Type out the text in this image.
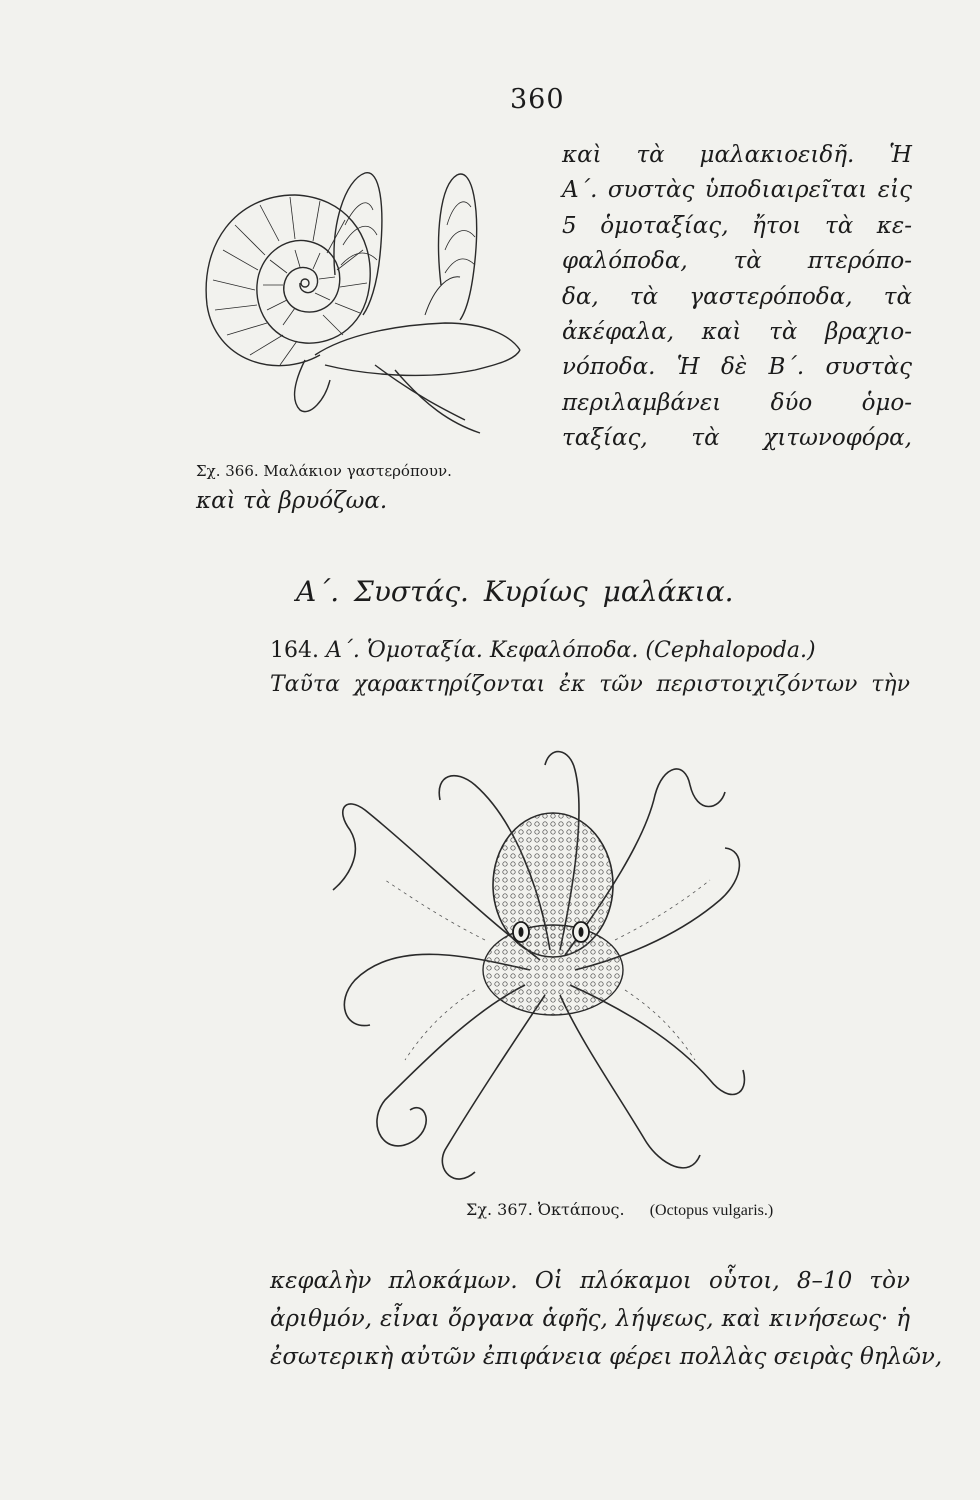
360
Σχ. 366. Μαλάκιον γαστερόπουν.
καὶ τὰ μαλακιοειδῆ. Ἡ
Α΄. συστὰς ὑποδιαιρεῖται εἰς
5 ὁμοταξίας, ἤτοι τὰ κε-
φαλόποδα, τὰ πτερόπο-
δα, τὰ γαστερόποδα, τὰ
ἀκέφαλα, καὶ τὰ βραχιο-
νόποδα. Ἡ δὲ Β΄. συστὰς
περιλαμβάνει δύο ὁμο-
ταξίας, τὰ χιτωνοφόρα,
καὶ τὰ βρυόζωα.
Α΄. Συστάς. Κυρίως μαλάκια.
164. Α΄. Ὁμοταξία. Κεφαλόποδα. (Cephalopoda.)
Ταῦτα χαρακτηρίζονται ἐκ τῶν περιστοιχιζόντων τὴν
Σχ. 367. Ὀκτάπους. (Octopus vulgaris.)
κεφαλὴν πλοκάμων. Οἱ πλόκαμοι οὗτοι, 8–10 τὸν
ἀριθμόν, εἶναι ὄργανα ἁφῆς, λήψεως, καὶ κινήσεως· ἡ
ἐσωτερικὴ αὐτῶν ἐπιφάνεια φέρει πολλὰς σειρὰς θηλῶν,
